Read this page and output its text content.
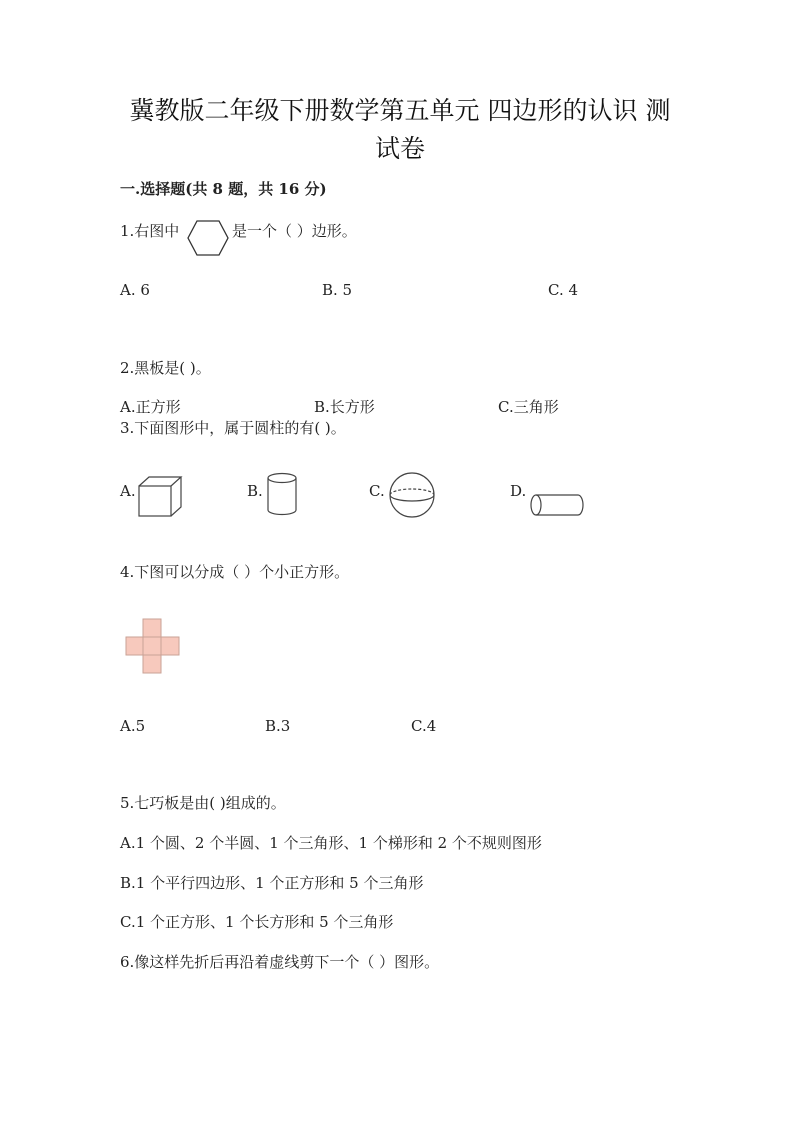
冀教版二年级下册数学第五单元 四边形的认识 测
试卷
一.选择题(共 8 题，共 16 分)
1.右图中	是一个（ ）边形。
A. 6	B. 5	C. 4
2.黑板是( )。
A.正方形	B.长方形	C.三角形
3.下面图形中，属于圆柱的有( )。
A.	B.	C.	D.
4.下图可以分成（ ）个小正方形。
A.5	B.3	C.4
5.七巧板是由( )组成的。
A.1 个圆、2 个半圆、1 个三角形、1 个梯形和 2 个不规则图形
B.1 个平行四边形、1 个正方形和 5 个三角形
C.1 个正方形、1 个长方形和 5 个三角形
6.像这样先折后再沿着虚线剪下一个（ ）图形。
